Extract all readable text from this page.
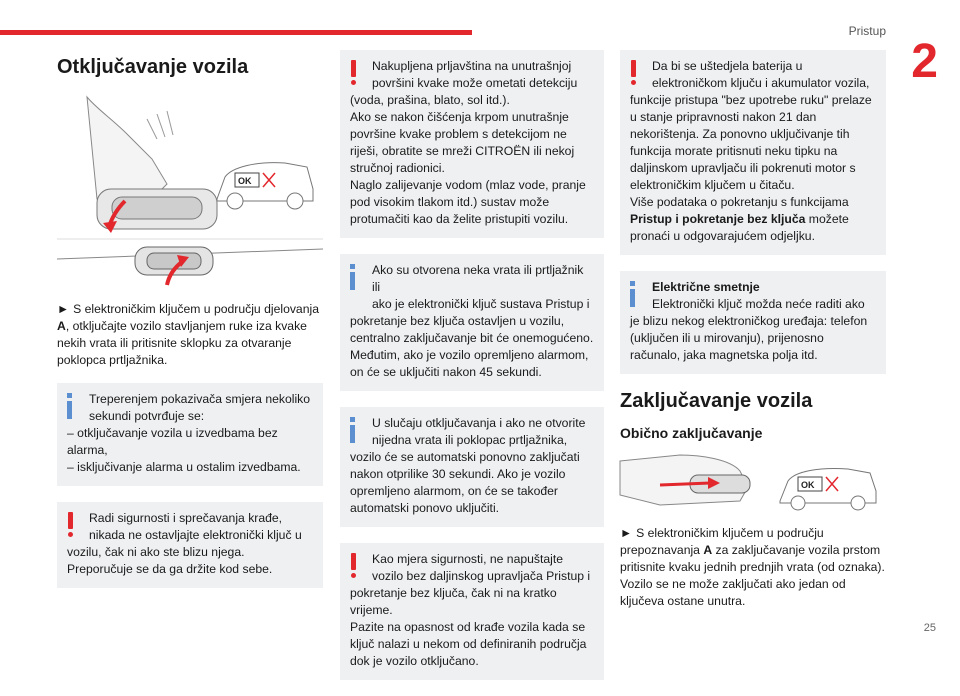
Pristup
2
25
Otključavanje vozila
OK

► S elektroničkim ključem u području djelovanja A, otključajte vozilo stavljanjem ruke iza kvake nekih vrata ili pritisnite sklopku za otvaranje poklopca prtljažnika.

Treperenjem pokazivača smjera nekoliko
sekundi potvrđuje se:
– otključavanje vozila u izvedbama bez alarma,
– isključivanje alarma u ostalim izvedbama.
Radi sigurnosti i sprečavanja krađe,
nikada ne ostavljajte elektronički ključ u vozilu, čak ni ako ste blizu njega.
Preporučuje se da ga držite kod sebe.
Nakupljena prljavština na unutrašnjoj
površini kvake može ometati detekciju (voda, prašina, blato, sol itd.).
Ako se nakon čišćenja krpom unutrašnje površine kvake problem s detekcijom ne riješi, obratite se mreži CITROËN ili nekoj stručnoj radionici.
Naglo zalijevanje vodom (mlaz vode, pranje pod visokim tlakom itd.) sustav može protumačiti kao da želite pristupiti vozilu.
Ako su otvorena neka vrata ili prtljažnik ili
ako je elektronički ključ sustava Pristup i pokretanje bez ključa ostavljen u vozilu, centralno zaključavanje bit će onemogućeno.
Međutim, ako je vozilo opremljeno alarmom, on će se uključiti nakon 45 sekundi.
U slučaju otključavanja i ako ne otvorite
nijedna vrata ili poklopac prtljažnika, vozilo će se automatski ponovno zaključati nakon otprilike 30 sekundi. Ako je vozilo opremljeno alarmom, on će se također automatski ponovo uključiti.
Kao mjera sigurnosti, ne napuštajte
vozilo bez daljinskog upravljača Pristup i pokretanje bez ključa, čak ni na kratko vrijeme.
Pazite na opasnost od krađe vozila kada se ključ nalazi u nekom od definiranih područja dok je vozilo otključano.
Da bi se uštedjela baterija u
elektroničkom ključu i akumulator vozila, funkcije pristupa "bez upotrebe ruku" prelaze u stanje pripravnosti nakon 21 dan nekorištenja. Za ponovno uključivanje tih funkcija morate pritisnuti neku tipku na daljinskom upravljaču ili pokrenuti motor s elektroničkim ključem u čitaču.
Više podataka o pokretanju s funkcijama Pristup i pokretanje bez ključa možete pronaći u odgovarajućem odjeljku.
Električne smetnje
Elektronički ključ možda neće raditi ako je blizu nekog elektroničkog uređaja: telefon (uključen ili u mirovanju), prijenosno računalo, jaka magnetska polja itd.
Zaključavanje vozila
Obično zaključavanje
OK

► S elektroničkim ključem u području prepoznavanja A za zaključavanje vozila prstom pritisnite kvaku jednih prednjih vrata (od oznaka).

Vozilo se ne može zaključati ako jedan od ključeva ostane unutra.
